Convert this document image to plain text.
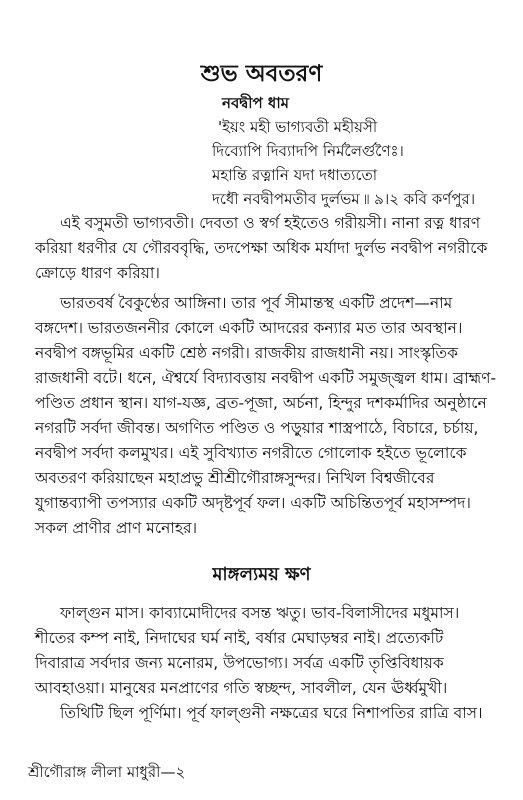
শুভ অবতরণ
নবদ্বীপ ধাম
'ইয়ং মহী ভাগ্যবতী মহীয়সী
দিব্যোপি দিব্যাদপি নির্মলৈর্গুণৈঃ।
মহান্তি রত্নানি যদা দধাত্যতো
দধৌ নবদ্বীপমতীব দুর্লভম ৷৷ ৯।২ কবি কর্ণপুর।
এই বসুমতী ভাগ্যবতী। দেবতা ও স্বর্গ হইতেও গরীয়সী। নানা রত্ন ধারণ
করিয়া ধরণীর যে গৌরববৃদ্ধি, তদপেক্ষা অধিক মর্যাদা দুর্লভ নবদ্বীপ নগরীকে
ক্রোড়ে ধারণ করিয়া।
ভারতবর্ষ বৈকুণ্ঠের আঙ্গিনা। তার পূর্ব সীমান্তস্থ একটি প্রদেশ—নাম
বঙ্গদেশ। ভারতজননীর কোলে একটি আদরের কন্যার মত তার অবস্থান।
নবদ্বীপ বঙ্গভূমির একটি শ্রেষ্ঠ নগরী। রাজকীয় রাজধানী নয়। সাংস্কৃতিক
রাজধানী বটে। ধনে, ঐশ্বর্যে বিদ্যাবত্তায় নবদ্বীপ একটি সমুজ্জ্বল ধাম। ব্রাহ্মণ-
পণ্ডিত প্রধান স্থান। যাগ-যজ্ঞ, ব্রত-পূজা, অর্চনা, হিন্দুর দশকর্মাদির অনুষ্ঠানে
নগরটি সর্বদা জীবন্ত। অগণিত পণ্ডিত ও পড়ুয়ার শাস্ত্রপাঠে, বিচারে, চর্চায়,
নবদ্বীপ সর্বদা কলমুখর। এই সুবিখ্যাত নগরীতে গোলোক হইতে ভূলোকে
অবতরণ করিয়াছেন মহাপ্রভু শ্রীশ্রীগৌরাঙ্গসুন্দর। নিখিল বিশ্বজীবের
যুগান্তব্যাপী তপস্যার একটি অদৃষ্টপূর্ব ফল। একটি অচিন্তিতপূর্ব মহাসম্পদ।
সকল প্রাণীর প্রাণ মনোহর।
মাঙ্গল্যময় ক্ষণ
ফাল্গুন মাস। কাব্যামোদীদের বসন্ত ঋতু। ভাব-বিলাসীদের মধুমাস।
শীতের কম্প নাই, নিদাঘের ঘর্ম নাই, বর্ষার মেঘাড়ম্বর নাই। প্রত্যেকটি
দিবারাত্র সর্বদার জন্য মনোরম, উপভোগ্য। সর্বত্র একটি তৃপ্তিবিধায়ক
আবহাওয়া। মানুষের মনপ্রাণের গতি স্বচ্ছন্দ, সাবলীল, যেন ঊর্ধ্বমুখী।
তিথিটি ছিল পূর্ণিমা। পূর্ব ফাল্গুনী নক্ষত্রের ঘরে নিশাপতির রাত্রি বাস।
শ্রীগৌরাঙ্গ লীলা মাধুরী—২
